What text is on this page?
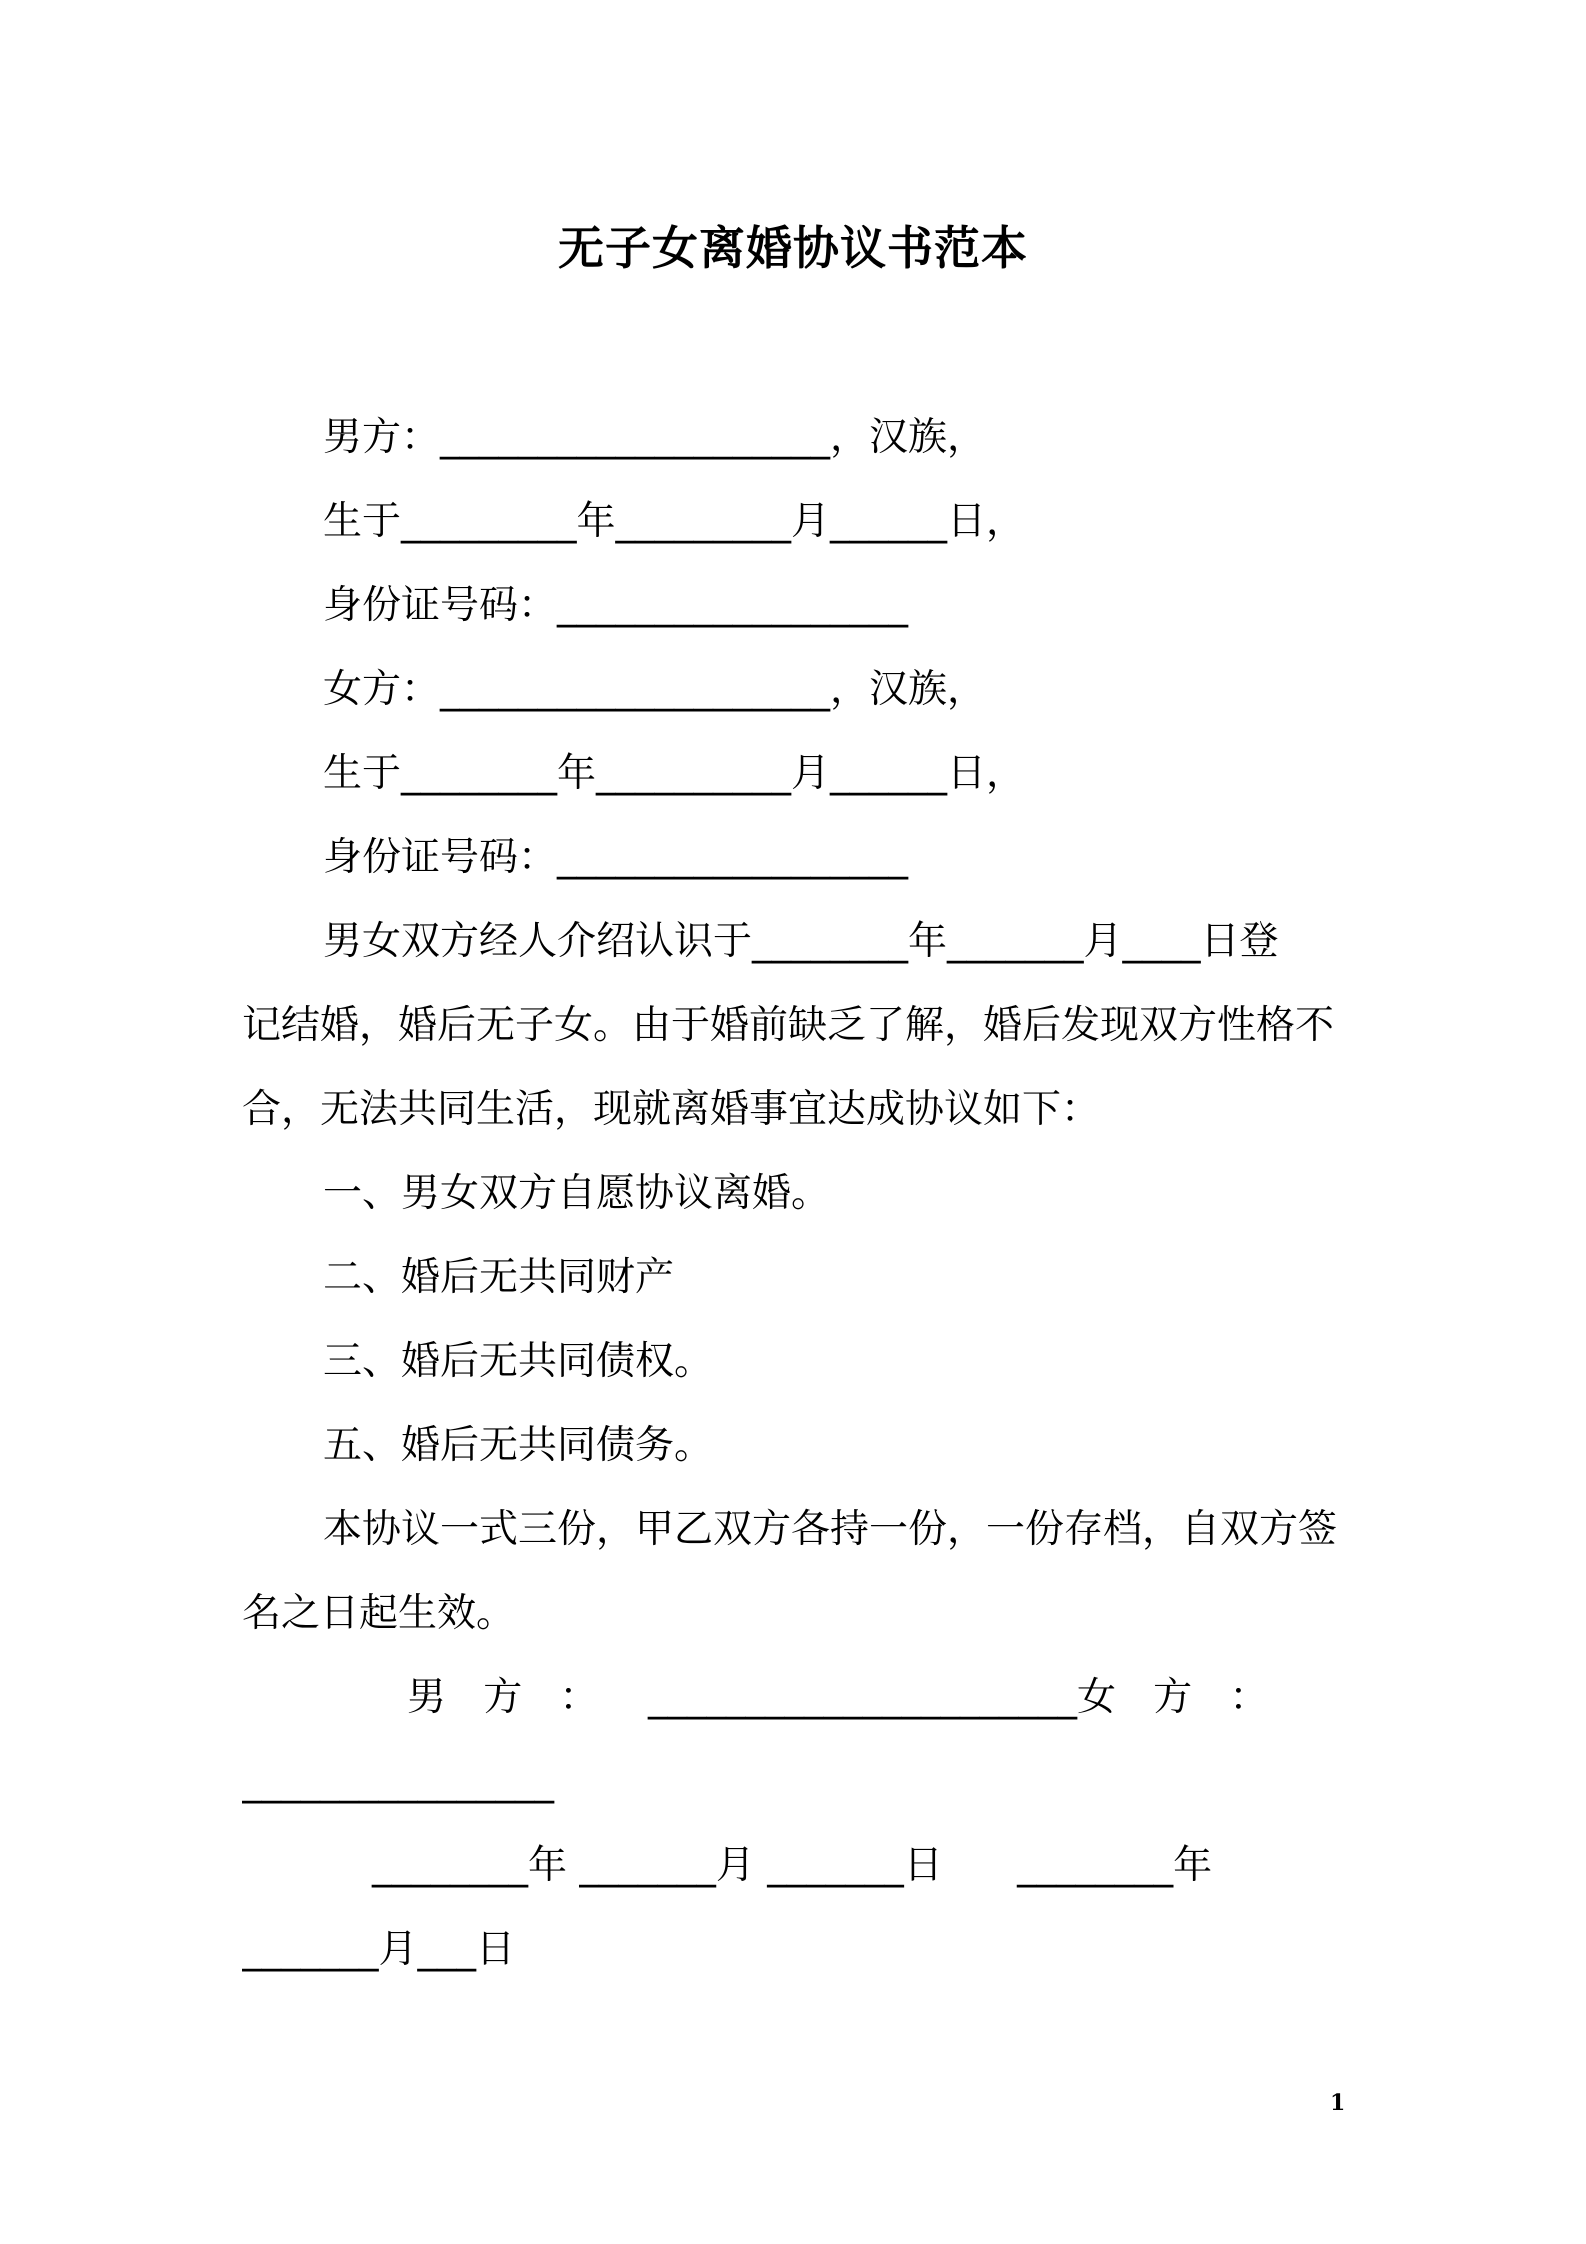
无子女离婚协议书范本
男方：____________________，汉族，
生于_________年_________月______日，
身份证号码：__________________
女方：____________________，汉族，
生于________年__________月______日，
身份证号码：__________________
男女双方经人介绍认识于________年_______月____日登
记结婚，婚后无子女。由于婚前缺乏了解，婚后发现双方性格不
合，无法共同生活，现就离婚事宜达成协议如下：
一、男女双方自愿协议离婚。
二、婚后无共同财产
三、婚后无共同债权。
五、婚后无共同债务。
本协议一式三份，甲乙双方各持一份，一份存档，自双方签
名之日起生效。
男   方   ：    ______________________女   方   ：
________________
________年 _______月 _______日      ________年
_______月___日
1
